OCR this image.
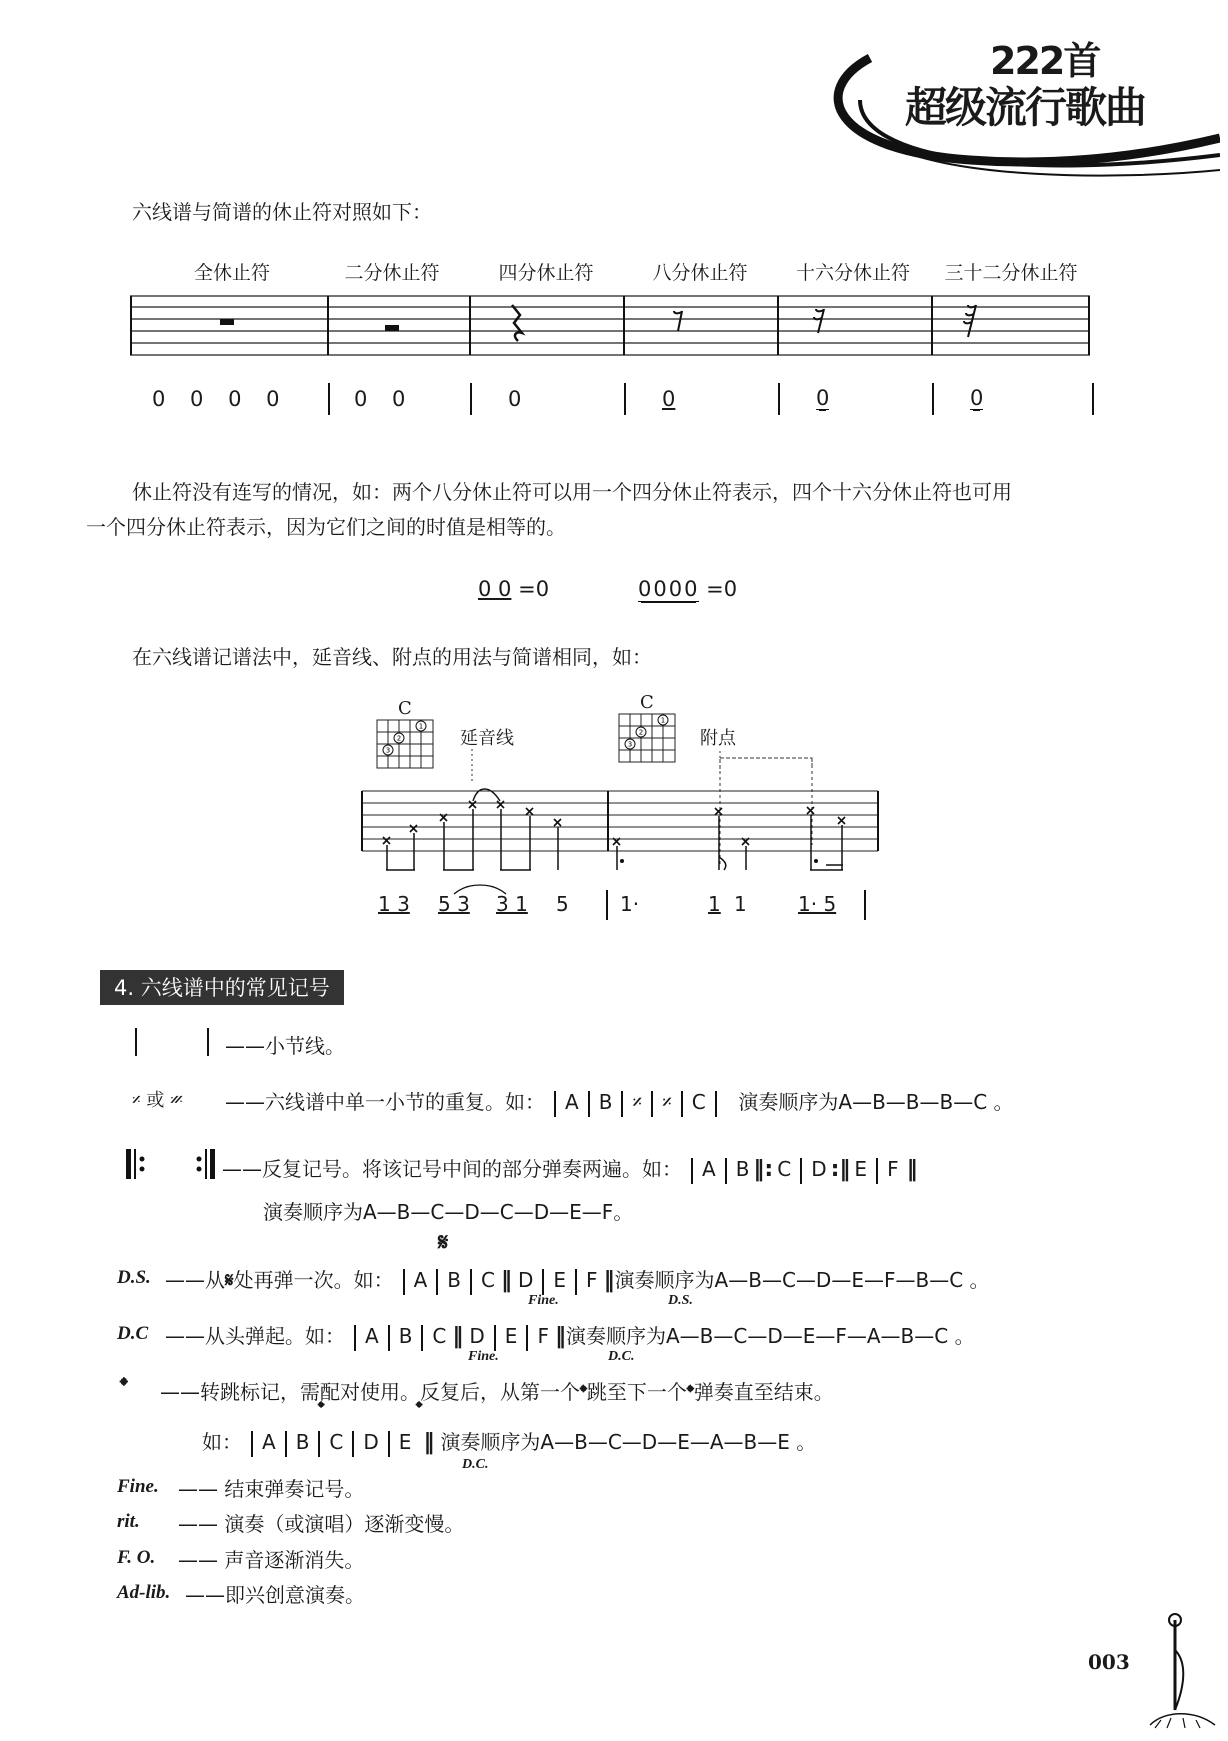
222首
超级流行歌曲
六线谱与简谱的休止符对照如下：
全休止符	二分休止符	四分休止符	八分休止符	十六分休止符	三十二分休止符
0 0 0 0	0 0	0	0	0	0
休止符没有连写的情况，如：两个八分休止符可以用一个四分休止符表示，四个十六分休止符也可用
一个四分休止符表示，因为它们之间的时值是相等的。
0 0 =0	0000 =0
在六线谱记谱法中，延音线、附点的用法与简谱相同，如：
C	C
1
2
3
1
2
3
延音线	附点
1 3 5 3 3 1 5	1·	1 1	1· 5
4. 六线谱中的常见记号
——小节线。
𝄎 或 𝄏 ——六线谱中单一小节的重复。如： A B 𝄎 𝄎 C 演奏顺序为A—B—B—B—C 。
——反复记号。将该记号中间的部分弹奏两遍。如： A B ‖: C D :‖ E F ‖
演奏顺序为A—B—C—D—C—D—E—F。
𝄋
D.S. ——从𝄋处再弹一次。如： A B C ‖ D E F ‖演奏顺序为A—B—C—D—E—F—B—C 。
Fine.	D.S.
D.C ——从头弹起。如： A B C ‖ D E F ‖演奏顺序为A—B—C—D—E—F—A—B—C 。
Fine.	D.C.
𝄌 ——转跳标记，需配对使用。反复后，从第一个𝄌跳至下一个𝄌弹奏直至结束。
𝄌	𝄌
如： A B C D E ‖ 演奏顺序为A—B—C—D—E—A—B—E 。
D.C.
Fine. —— 结束弹奏记号。
rit. —— 演奏（或演唱）逐渐变慢。
F. O. —— 声音逐渐消失。
Ad-lib. ——即兴创意演奏。
003
